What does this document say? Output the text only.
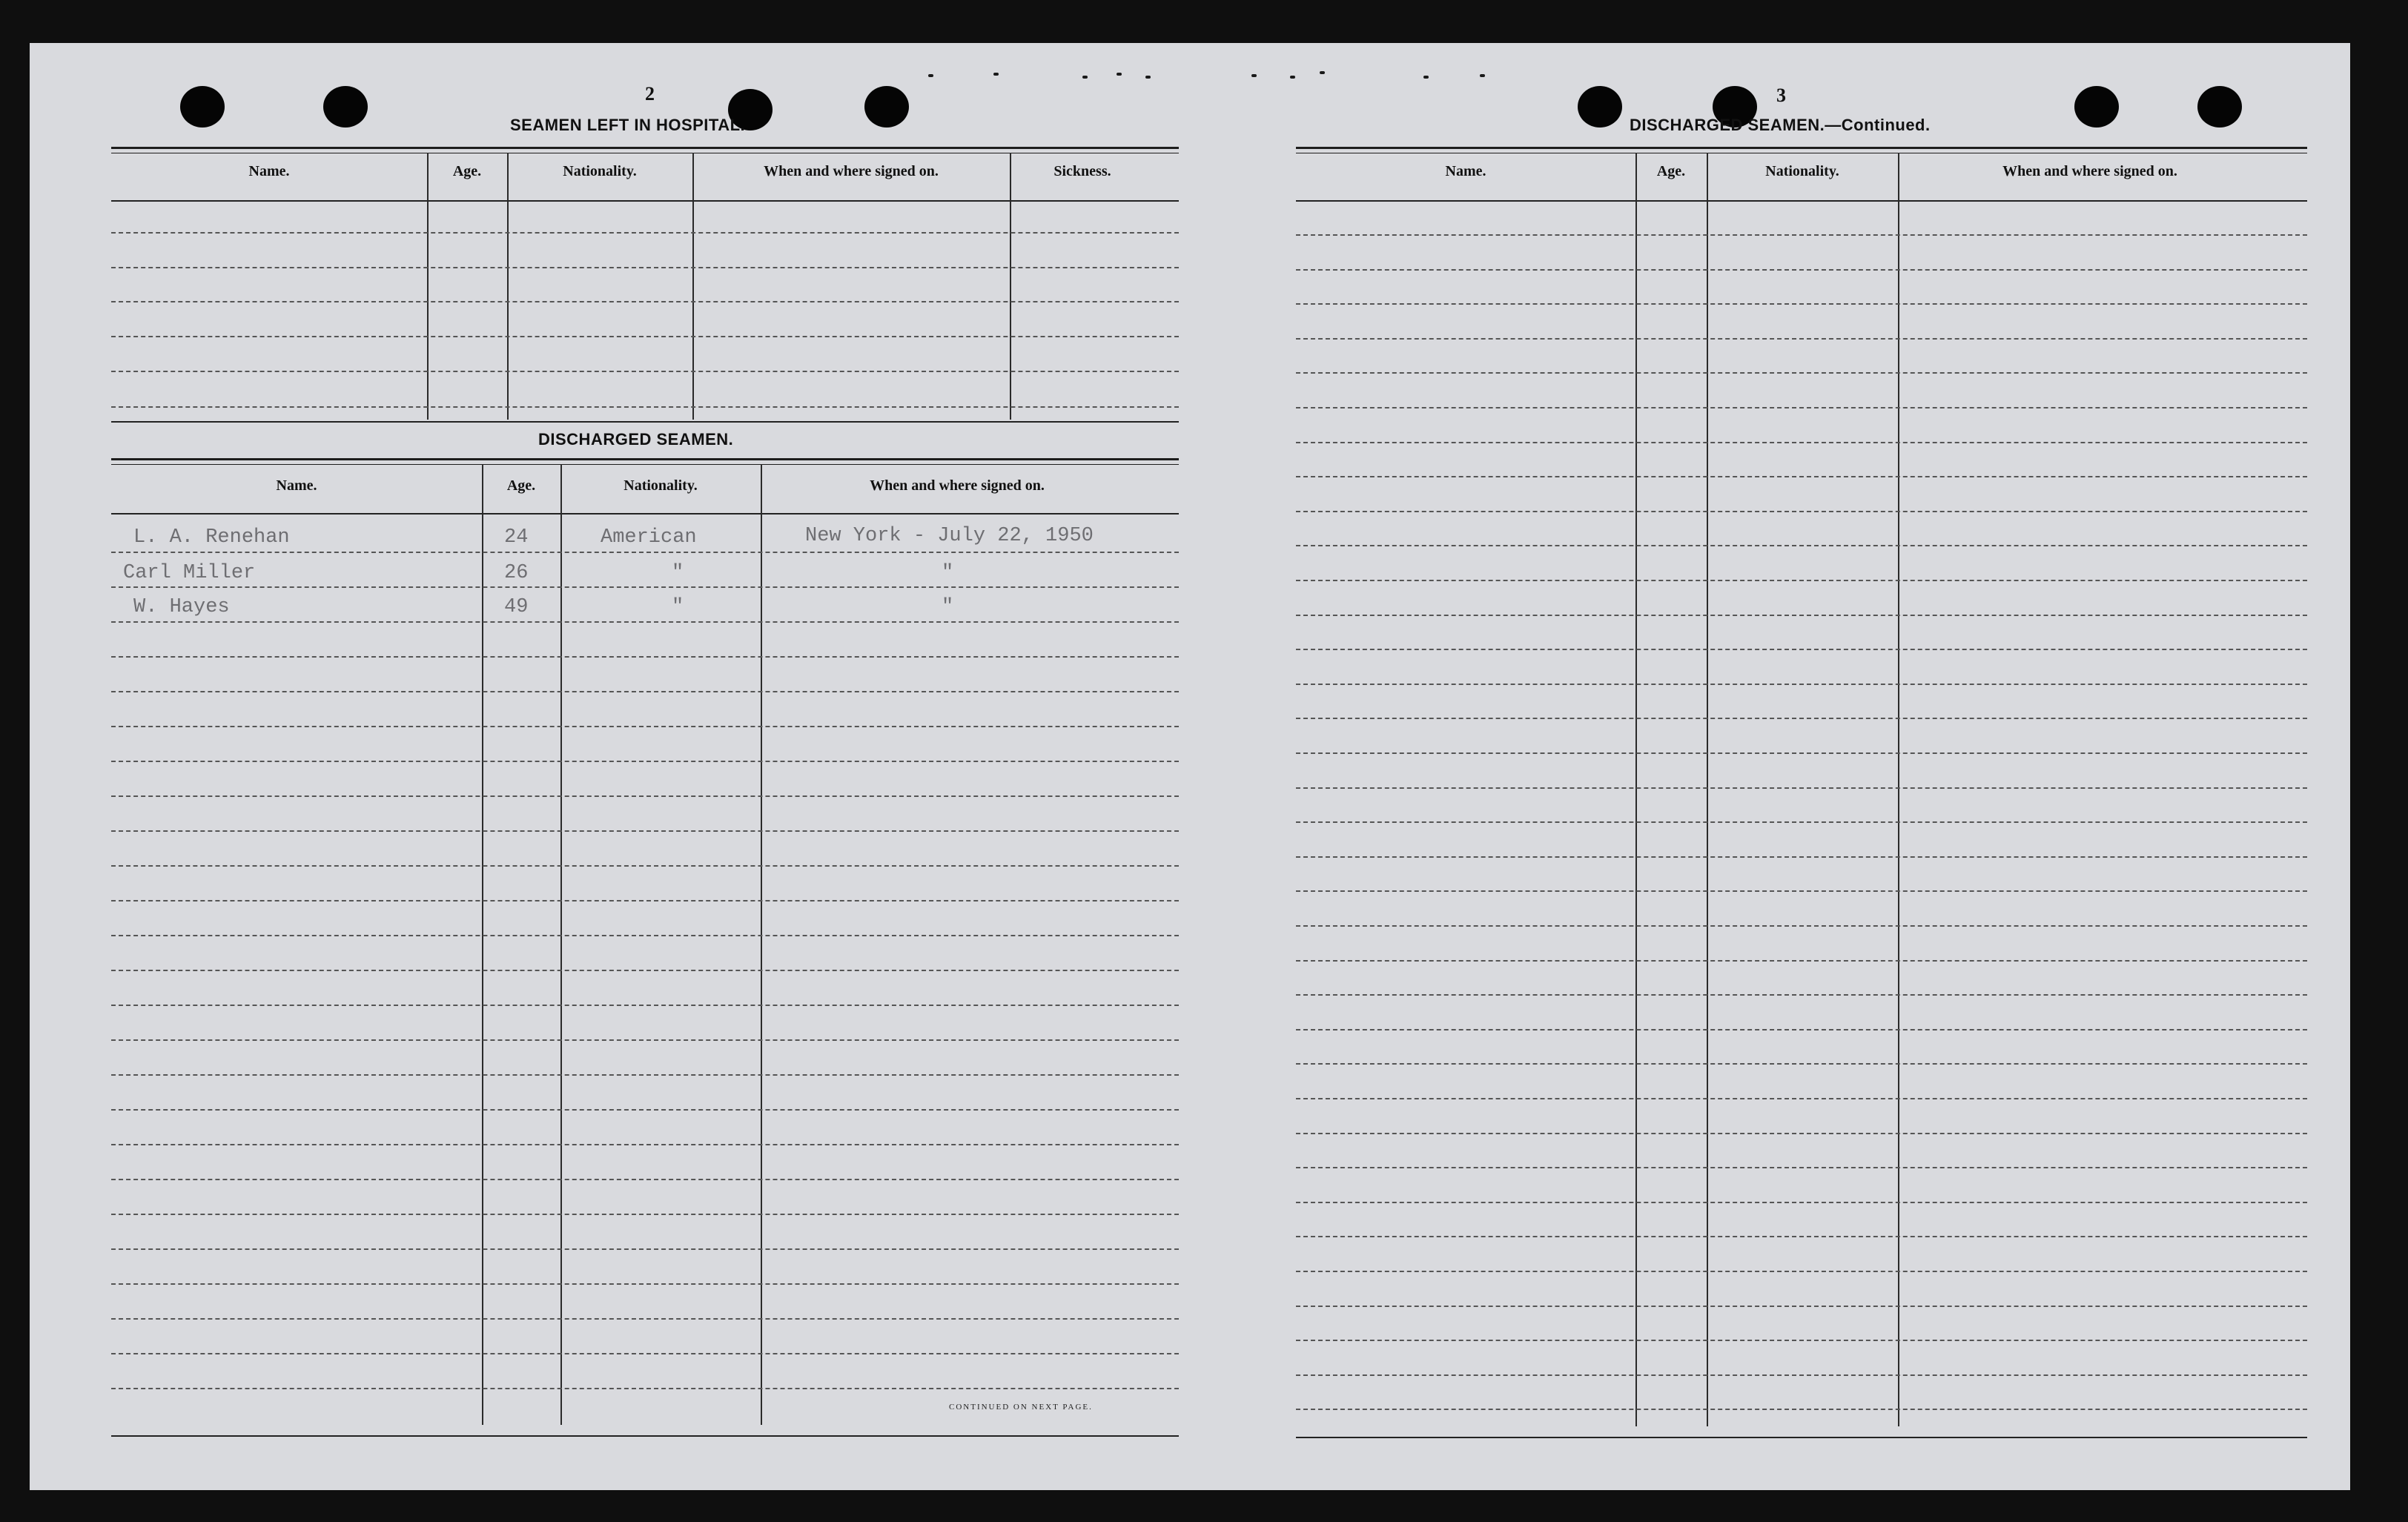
2
SEAMEN LEFT IN HOSPITAL.
Name.	Age.	Nationality.	When and where signed on.	Sickness.
DISCHARGED SEAMEN.
Name.	Age.	Nationality.	When and where signed on.
L. A. Renehan	24	American	New York - July 22, 1950
Carl Miller	26	"	"
W. Hayes	49	"	"
CONTINUED ON NEXT PAGE.
3
DISCHARGED SEAMEN.—Continued.
Name.	Age.	Nationality.	When and where signed on.
